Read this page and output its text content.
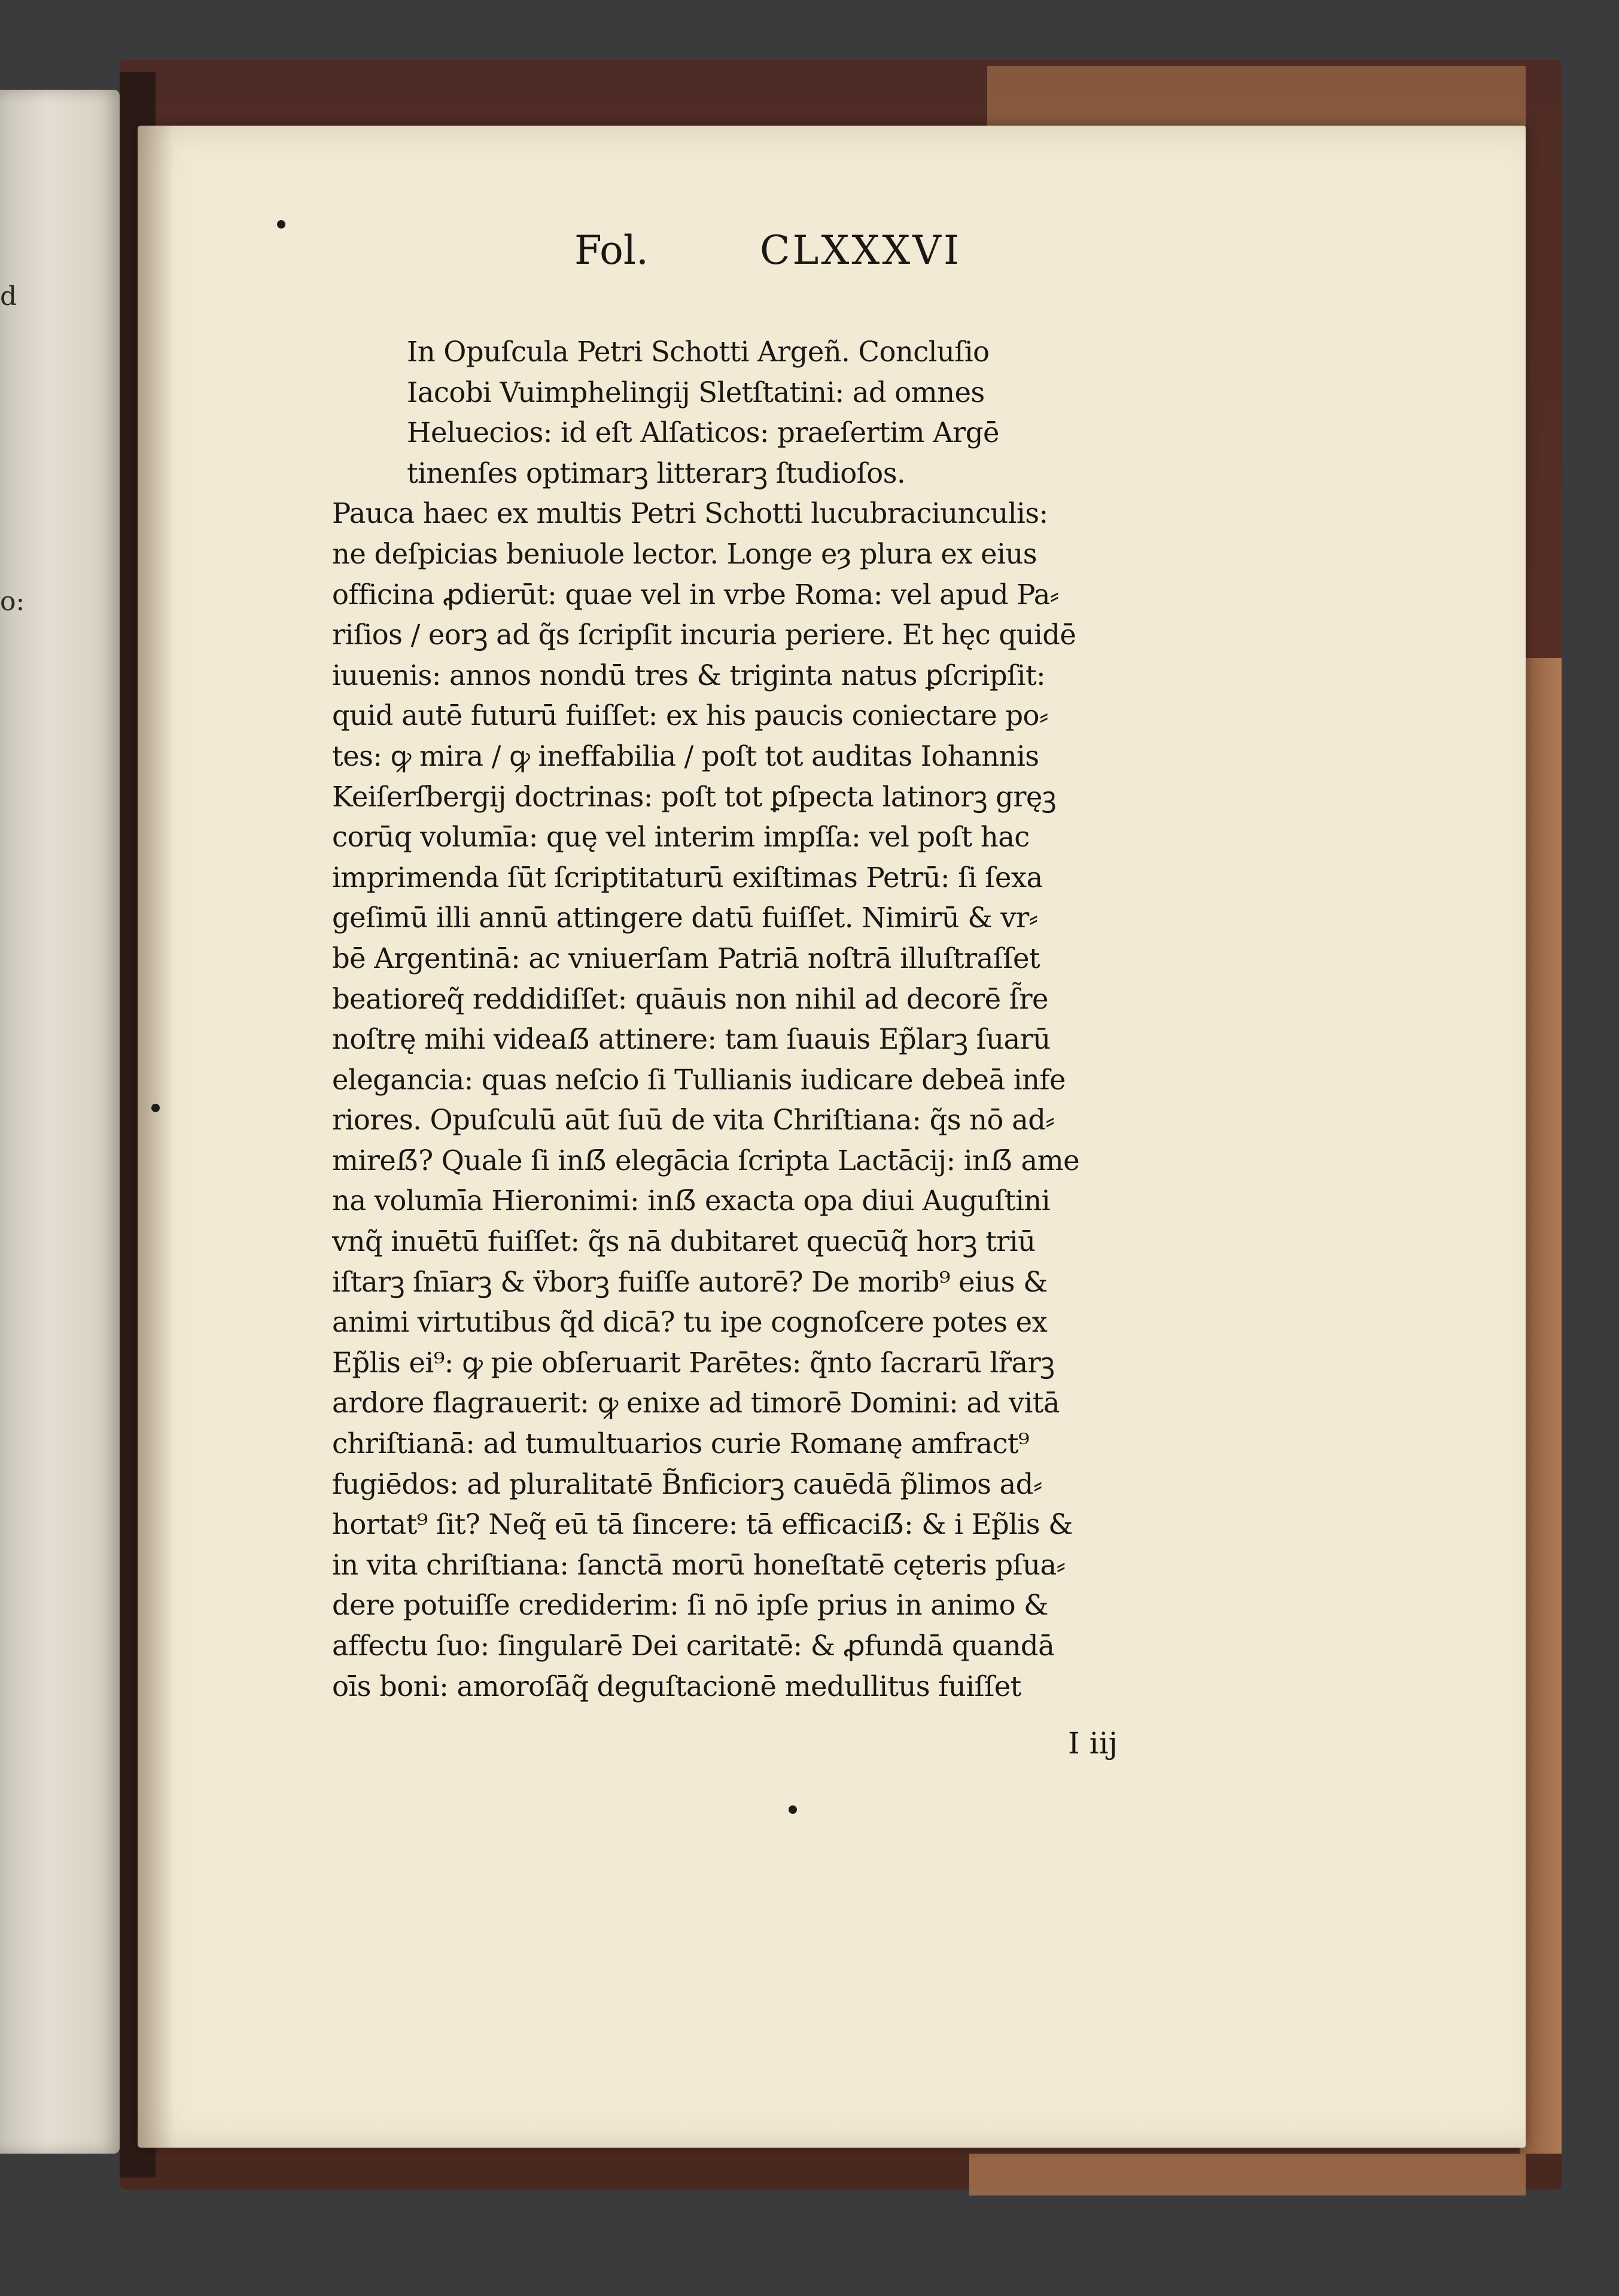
d
o:
Fol.	CLXXXVI
In Opuſcula Petri Schotti Argeñ. Concluſio
Iacobi Vuimphelingij Sletſtatini: ad omnes
Heluecios: id eſt Alſaticos: praeſertim Argē
tinenſes optimarꝫ litterarꝫ ſtudioſos.
Pauca haec ex multis Petri Schotti lucubraciunculis:
ne deſpicias beniuole lector. Longe eȝ plura ex eius
officina ꝓdierūt: quae vel in vrbe Roma: vel apud Pa⸗
riſios / eorꝫ ad q̃s ſcripſit incuria periere. Et hęc quidē
iuuenis: annos nondū tres & triginta natus ꝑſcripſit:
quid autē futurū fuiſſet: ex his paucis coniectare po⸗
tes: ꝙ mira / ꝙ ineffabilia / poſt tot auditas Iohannis
Keiſerſbergij doctrinas: poſt tot ꝑſpecta latinorꝫ gręꝫ
corūq volumīa: quę vel interim impſſa: vel poſt hac
imprimenda ſūt ſcriptitaturū exiſtimas Petrū: ſi ſexa
geſimū illi annū attingere datū fuiſſet. Nimirū & vr⸗
bē Argentinā: ac vniuerſam Patriā noſtrā illuſtraſſet
beatioreq̃ reddidiſſet: quāuis non nihil ad decorē ſ̃re
noſtrę mihi videaẞ attinere: tam ſuauis Ep̃larꝫ ſuarū
elegancia: quas neſcio ſi Tullianis iudicare debeā infe
riores. Opuſculū aūt ſuū de vita Chriſtiana: q̃s nō ad⸗
mireẞ? Quale ſi inẞ elegācia ſcripta Lactācij: inẞ ame
na volumīa Hieronimi: inẞ exacta opa diui Auguſtini
vnq̃ inuētū fuiſſet: q̃s nā dubitaret quecūq̃ horꝫ triū
iſtarꝫ ſnīarꝫ & v̈borꝫ fuiſſe autorē? De morib⁹ eius &
animi virtutibus q̃d dicā? tu ipe cognoſcere potes ex
Ep̃lis ei⁹: ꝙ pie obſeruarit Parētes: q̃nto ſacrarū lr̃arꝫ
ardore flagrauerit: ꝙ enixe ad timorē Domini: ad vitā
chriſtianā: ad tumultuarios curie Romanę amfract⁹
fugiēdos: ad pluralitatē B̃nficiorꝫ cauēdā p̃limos ad⸗
hortat⁹ ſit? Neq̃ eū tā ſincere: tā efficaciẞ: & i Ep̃lis &
in vita chriſtiana: ſanctā morū honeſtatē cęteris pſua⸗
dere potuiſſe crediderim: ſi nō ipſe prius in animo &
affectu ſuo: ſingularē Dei caritatē: & ꝓfundā quandā
oīs boni: amoroſāq̃ deguſtacionē medullitus fuiſſet
I iij
